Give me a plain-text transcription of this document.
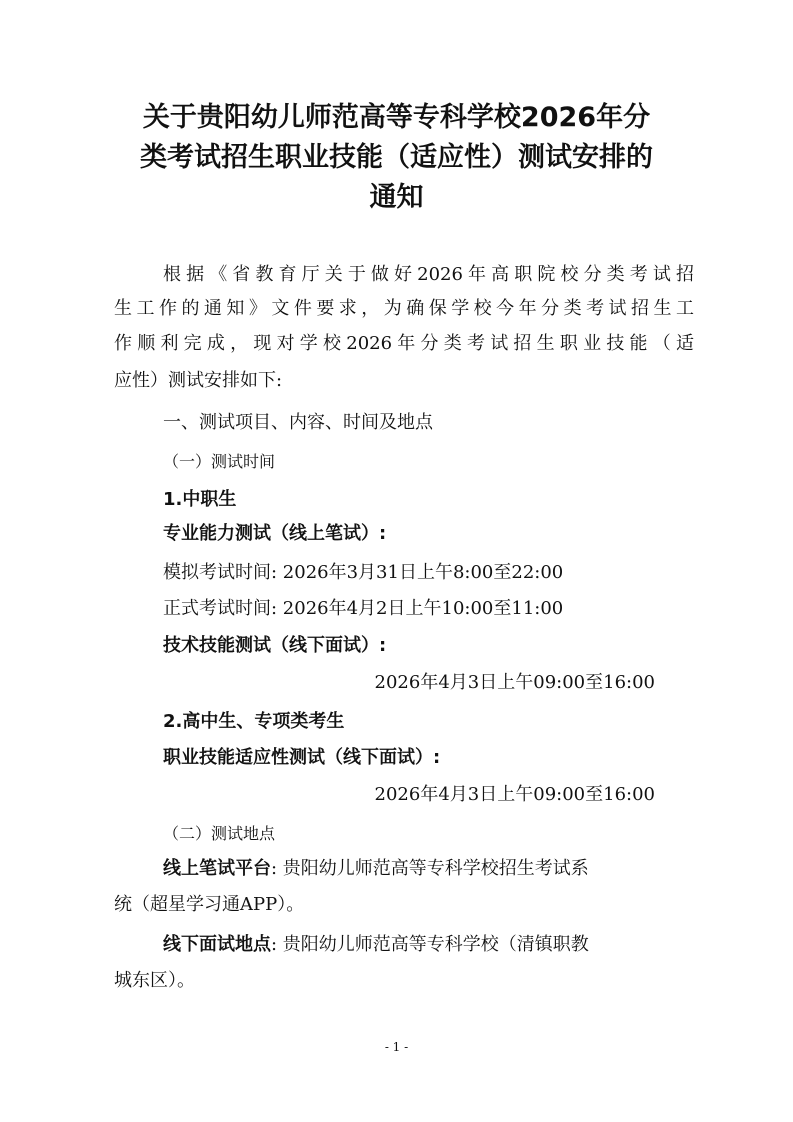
关于贵阳幼儿师范高等专科学校2026年分
类考试招生职业技能（适应性）测试安排的
通知
根据《省教育厅关于做好2026年高职院校分类考试招
生工作的通知》文件要求，为确保学校今年分类考试招生工
作顺利完成，现对学校2026年分类考试招生职业技能（适
应性）测试安排如下:
一、测试项目、内容、时间及地点
（一）测试时间
1.中职生
专业能力测试（线上笔试）:
模拟考试时间: 2026年3月31日上午8:00至22:00
正式考试时间: 2026年4月2日上午10:00至11:00
技术技能测试（线下面试）:
2026年4月3日上午09:00至16:00
2.高中生、专项类考生
职业技能适应性测试（线下面试）:
2026年4月3日上午09:00至16:00
（二）测试地点
线上笔试平台: 贵阳幼儿师范高等专科学校招生考试系
统（超星学习通APP）。
线下面试地点: 贵阳幼儿师范高等专科学校（清镇职教
城东区）。
- 1 -
